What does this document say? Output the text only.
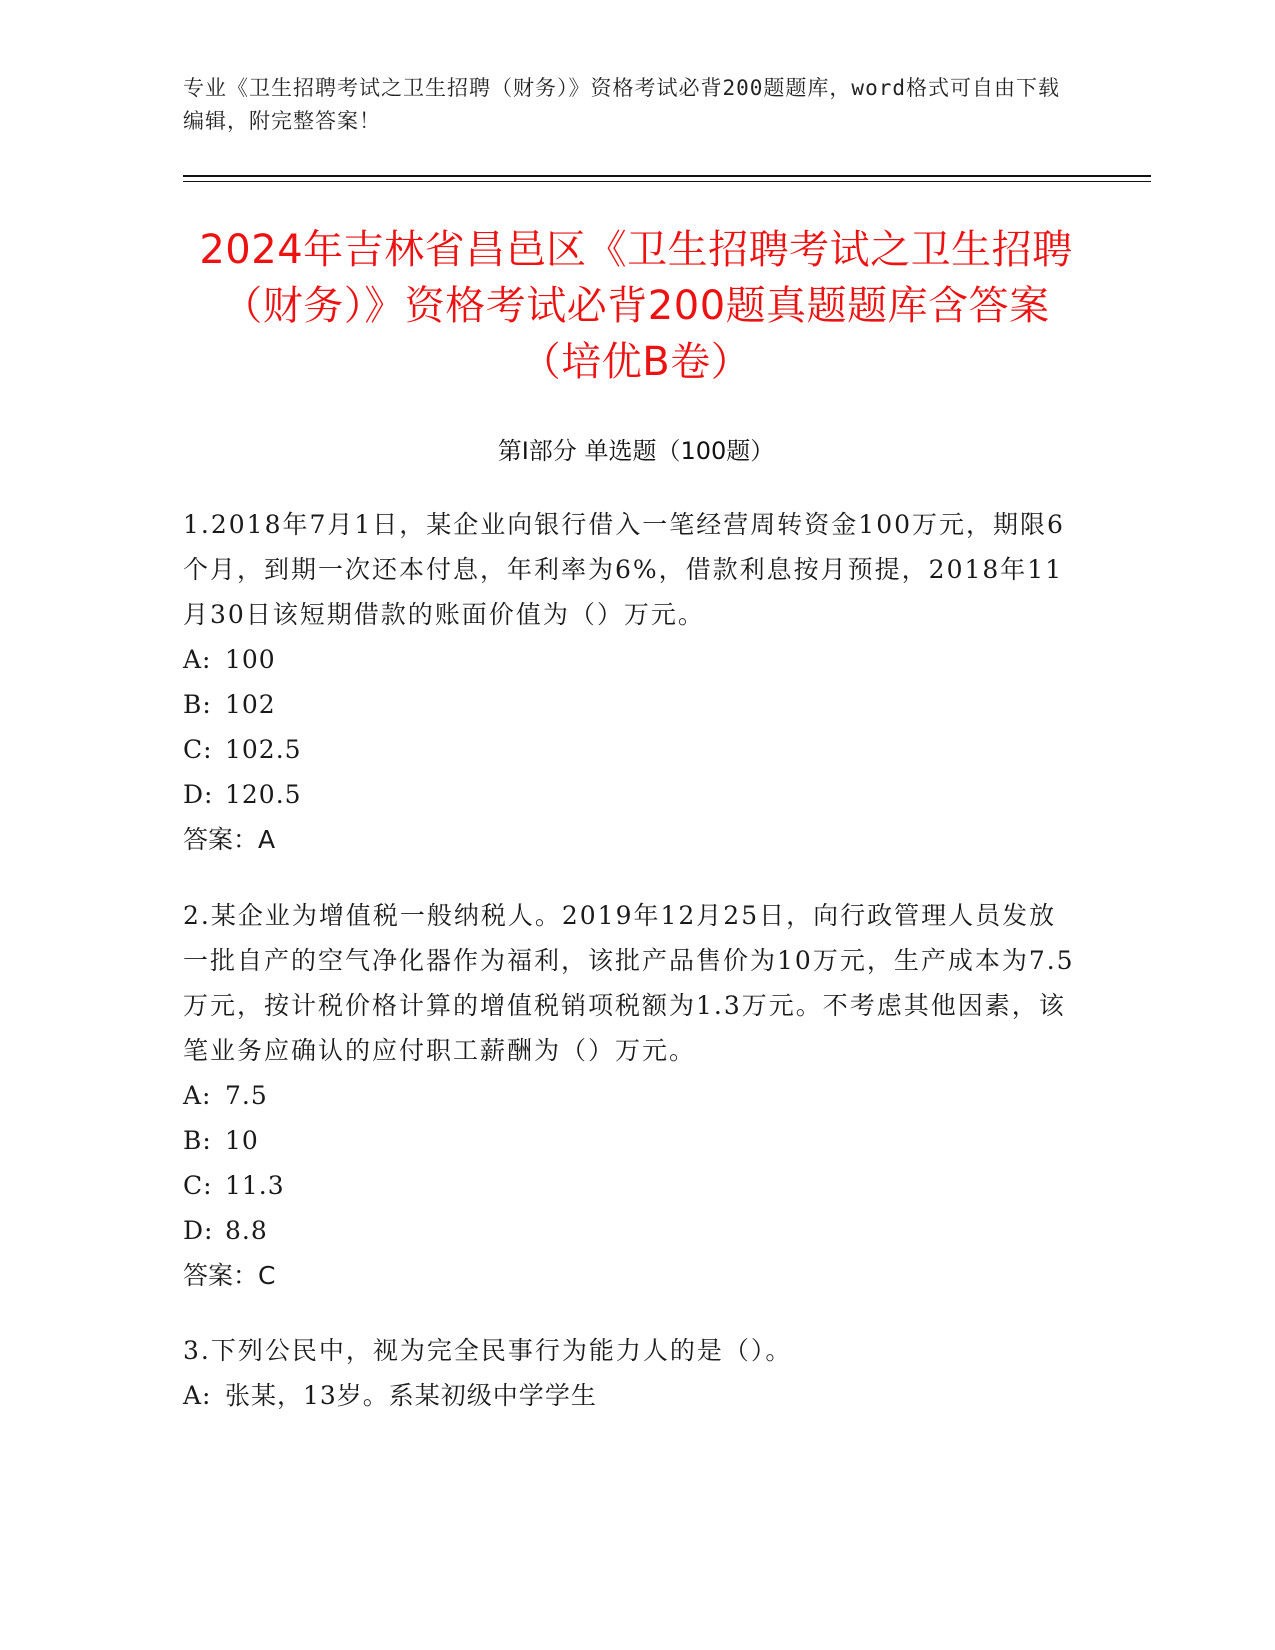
专业《卫生招聘考试之卫生招聘（财务）》资格考试必背200题题库，word格式可自由下载编辑，附完整答案！
2024年吉林省昌邑区《卫生招聘考试之卫生招聘（财务）》资格考试必背200题真题题库含答案（培优B卷）
第I部分 单选题（100题）

1.2018年7月1日，某企业向银行借入一笔经营周转资金100万元，期限6个月，到期一次还本付息，年利率为6%，借款利息按月预提，2018年11月30日该短期借款的账面价值为（）万元。

A: 100

B: 102

C: 102.5

D: 120.5

答案：A

2.某企业为增值税一般纳税人。2019年12月25日，向行政管理人员发放一批自产的空气净化器作为福利，该批产品售价为10万元，生产成本为7.5万元，按计税价格计算的增值税销项税额为1.3万元。不考虑其他因素，该笔业务应确认的应付职工薪酬为（）万元。

A: 7.5

B: 10

C: 11.3

D: 8.8

答案：C

3.下列公民中，视为完全民事行为能力人的是（）。

A: 张某，13岁。系某初级中学学生
